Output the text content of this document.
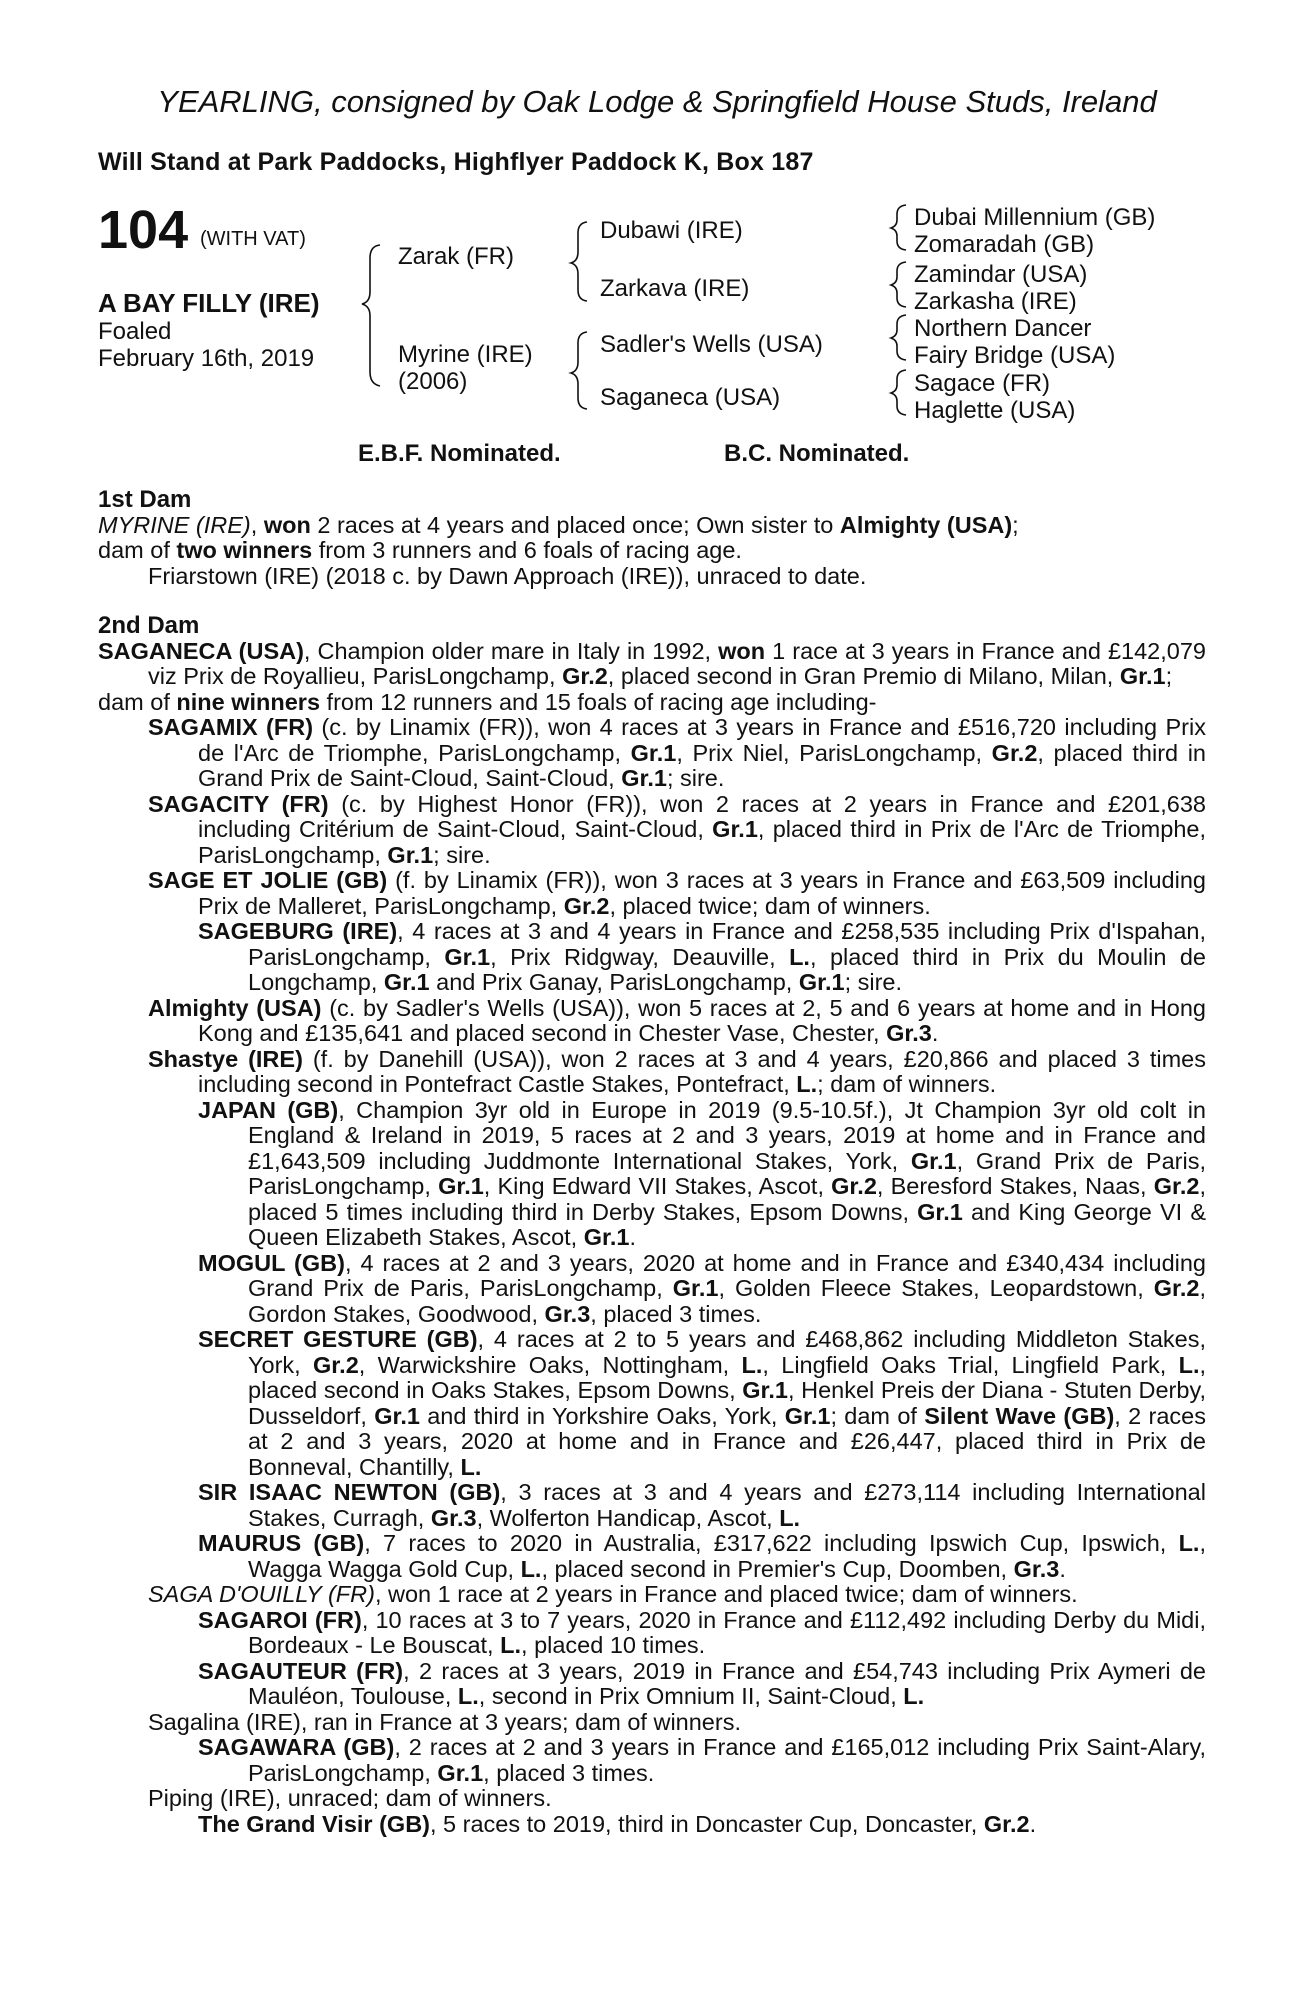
YEARLING, consigned by Oak Lodge & Springfield House Studs, Ireland
Will Stand at Park Paddocks, Highflyer Paddock K, Box 187
104 (WITH VAT)
A BAY FILLY (IRE)
Foaled
February 16th, 2019
Zarak (FR)
Myrine (IRE)
(2006)
Dubawi (IRE)
Zarkava (IRE)
Sadler's Wells (USA)
Saganeca (USA)
Dubai Millennium (GB)
Zomaradah (GB)
Zamindar (USA)
Zarkasha (IRE)
Northern Dancer
Fairy Bridge (USA)
Sagace (FR)
Haglette (USA)
E.B.F. Nominated.	B.C. Nominated.

1st Dam

MYRINE (IRE), won 2 races at 4 years and placed once; Own sister to Almighty (USA);

dam of two winners from 3 runners and 6 foals of racing age.

Friarstown (IRE) (2018 c. by Dawn Approach (IRE)), unraced to date.

2nd Dam

SAGANECA (USA), Champion older mare in Italy in 1992, won 1 race at 3 years in France and £142,079 viz Prix de Royallieu, ParisLongchamp, Gr.2, placed second in Gran Premio di Milano, Milan, Gr.1;

dam of nine winners from 12 runners and 15 foals of racing age including-

SAGAMIX (FR) (c. by Linamix (FR)), won 4 races at 3 years in France and £516,720 including Prix de l'Arc de Triomphe, ParisLongchamp, Gr.1, Prix Niel, ParisLongchamp, Gr.2, placed third in Grand Prix de Saint-Cloud, Saint-Cloud, Gr.1; sire.

SAGACITY (FR) (c. by Highest Honor (FR)), won 2 races at 2 years in France and £201,638 including Critérium de Saint-Cloud, Saint-Cloud, Gr.1, placed third in Prix de l'Arc de Triomphe, ParisLongchamp, Gr.1; sire.

SAGE ET JOLIE (GB) (f. by Linamix (FR)), won 3 races at 3 years in France and £63,509 including Prix de Malleret, ParisLongchamp, Gr.2, placed twice; dam of winners.

SAGEBURG (IRE), 4 races at 3 and 4 years in France and £258,535 including Prix d'Ispahan, ParisLongchamp, Gr.1, Prix Ridgway, Deauville, L., placed third in Prix du Moulin de Longchamp, Gr.1 and Prix Ganay, ParisLongchamp, Gr.1; sire.

Almighty (USA) (c. by Sadler's Wells (USA)), won 5 races at 2, 5 and 6 years at home and in Hong Kong and £135,641 and placed second in Chester Vase, Chester, Gr.3.

Shastye (IRE) (f. by Danehill (USA)), won 2 races at 3 and 4 years, £20,866 and placed 3 times including second in Pontefract Castle Stakes, Pontefract, L.; dam of winners.

JAPAN (GB), Champion 3yr old in Europe in 2019 (9.5-10.5f.), Jt Champion 3yr old colt in England & Ireland in 2019, 5 races at 2 and 3 years, 2019 at home and in France and £1,643,509 including Juddmonte International Stakes, York, Gr.1, Grand Prix de Paris, ParisLongchamp, Gr.1, King Edward VII Stakes, Ascot, Gr.2, Beresford Stakes, Naas, Gr.2, placed 5 times including third in Derby Stakes, Epsom Downs, Gr.1 and King George VI & Queen Elizabeth Stakes, Ascot, Gr.1.

MOGUL (GB), 4 races at 2 and 3 years, 2020 at home and in France and £340,434 including Grand Prix de Paris, ParisLongchamp, Gr.1, Golden Fleece Stakes, Leopardstown, Gr.2, Gordon Stakes, Goodwood, Gr.3, placed 3 times.

SECRET GESTURE (GB), 4 races at 2 to 5 years and £468,862 including Middleton Stakes, York, Gr.2, Warwickshire Oaks, Nottingham, L., Lingfield Oaks Trial, Lingfield Park, L., placed second in Oaks Stakes, Epsom Downs, Gr.1, Henkel Preis der Diana - Stuten Derby, Dusseldorf, Gr.1 and third in Yorkshire Oaks, York, Gr.1; dam of Silent Wave (GB), 2 races at 2 and 3 years, 2020 at home and in France and £26,447, placed third in Prix de Bonneval, Chantilly, L.

SIR ISAAC NEWTON (GB), 3 races at 3 and 4 years and £273,114 including International Stakes, Curragh, Gr.3, Wolferton Handicap, Ascot, L.

MAURUS (GB), 7 races to 2020 in Australia, £317,622 including Ipswich Cup, Ipswich, L., Wagga Wagga Gold Cup, L., placed second in Premier's Cup, Doomben, Gr.3.

SAGA D'OUILLY (FR), won 1 race at 2 years in France and placed twice; dam of winners.

SAGAROI (FR), 10 races at 3 to 7 years, 2020 in France and £112,492 including Derby du Midi, Bordeaux - Le Bouscat, L., placed 10 times.

SAGAUTEUR (FR), 2 races at 3 years, 2019 in France and £54,743 including Prix Aymeri de Mauléon, Toulouse, L., second in Prix Omnium II, Saint-Cloud, L.

Sagalina (IRE), ran in France at 3 years; dam of winners.

SAGAWARA (GB), 2 races at 2 and 3 years in France and £165,012 including Prix Saint-Alary, ParisLongchamp, Gr.1, placed 3 times.

Piping (IRE), unraced; dam of winners.

The Grand Visir (GB), 5 races to 2019, third in Doncaster Cup, Doncaster, Gr.2.
